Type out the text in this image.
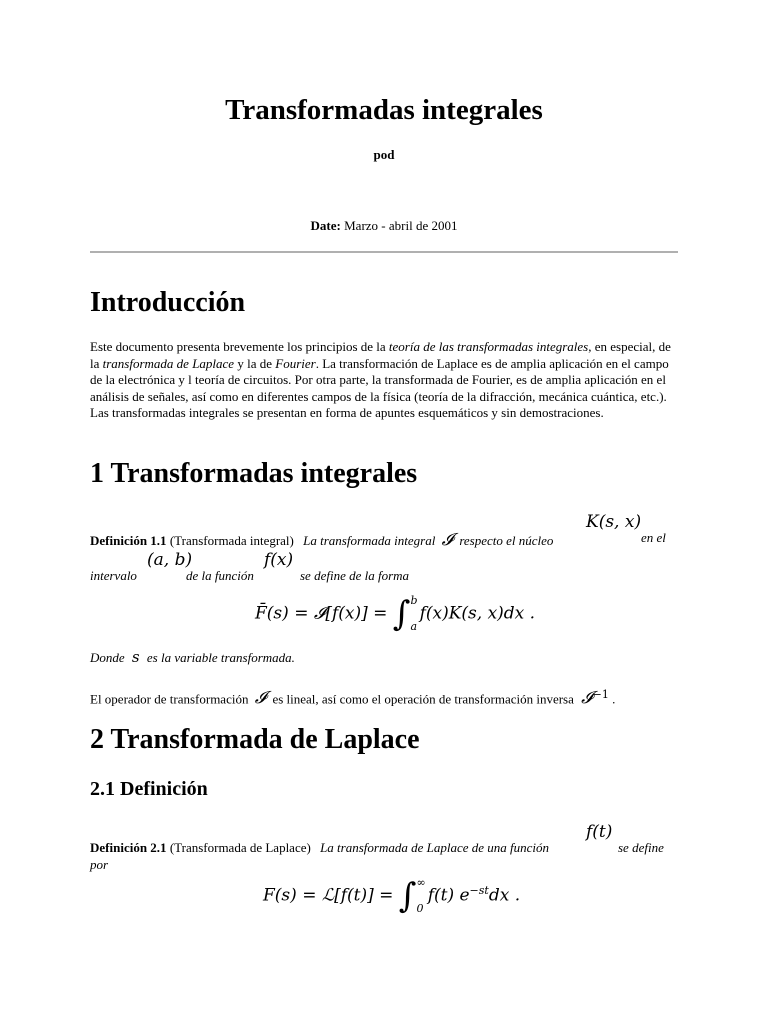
Transformadas integrales
pod
Date: Marzo - abril de 2001
Introducción
Este documento presenta brevemente los principios de la teoría de las transformadas integrales, en especial, de la transformada de Laplace y la de Fourier. La transformación de Laplace es de amplia aplicación en el campo de la electrónica y l teoría de circuitos. Por otra parte, la transformada de Fourier, es de amplia aplicación en el análisis de señales, así como en diferentes campos de la física (teoría de la difracción, mecánica cuántica, etc.). Las transformadas integrales se presentan en forma de apuntes esquemáticos y sin demostraciones.
1 Transformadas integrales
Definición 1.1 (Transformada integral) La transformada integral 𝓘 respecto el núcleo
K(s, x)
en el
intervalo
(a, b)
de la función
f(x)
se define de la forma
F̄(s) = 𝓘[f(x)] = ∫b
af(x)K(s, x)dx .
Donde s es la variable transformada.
El operador de transformación 𝓘 es lineal, así como el operación de transformación inversa 𝓘$^{-1}$ .
2 Transformada de Laplace
2.1 Definición
Definición 2.1 (Transformada de Laplace) La transformada de Laplace de una función
f(t)
se define
por
F(s) = ℒ[f(t)] = ∫∞
0f(t) $e^{-st}dx$ .
